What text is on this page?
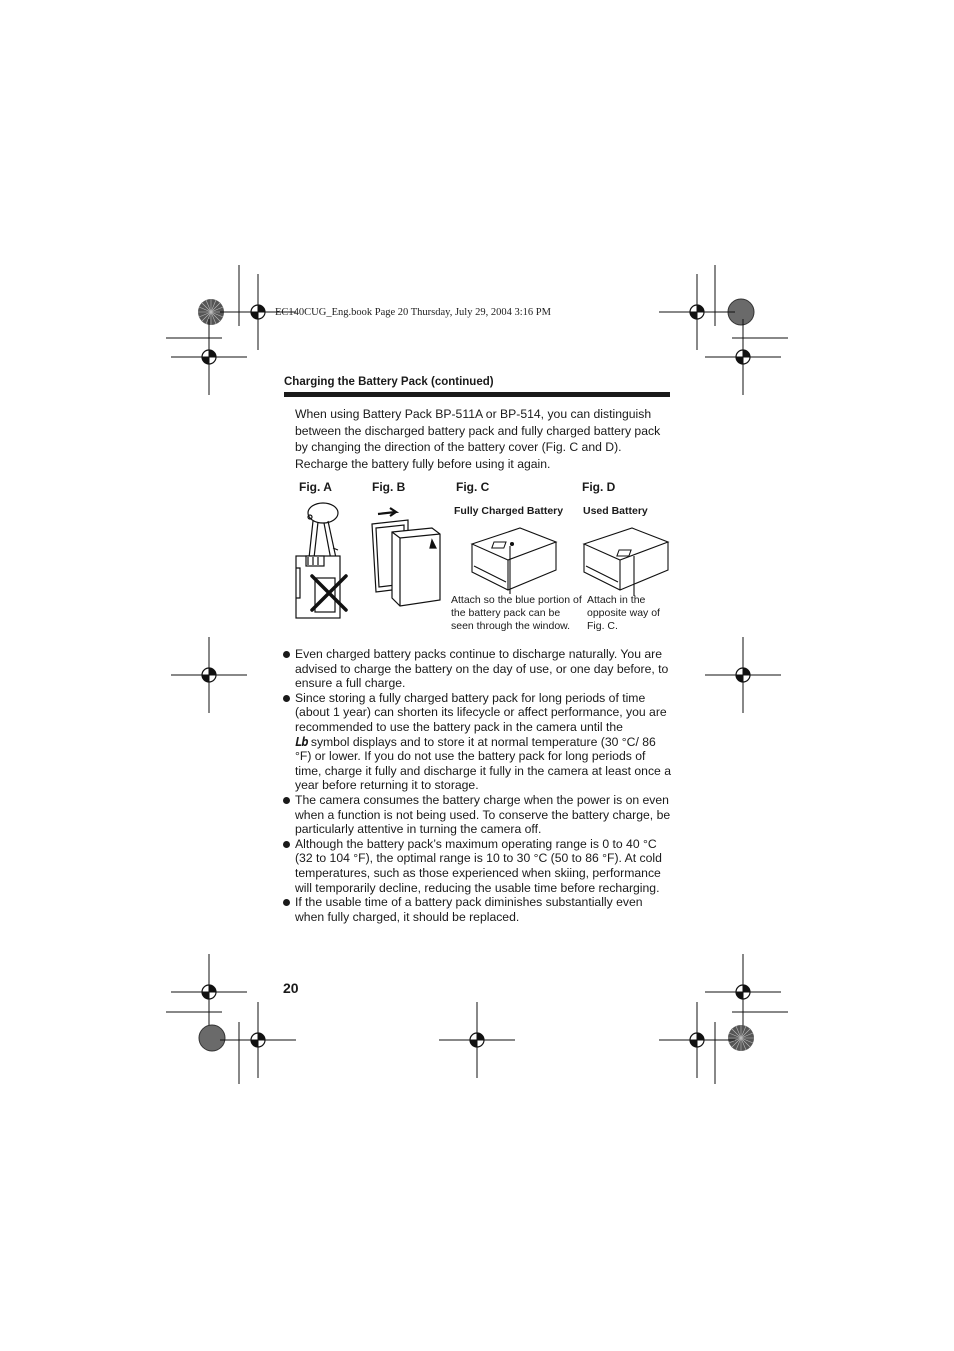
EC140CUG_Eng.book Page 20 Thursday, July 29, 2004 3:16 PM
Charging the Battery Pack (continued)
When using Battery Pack BP-511A or BP-514, you can distinguish between the discharged battery pack and fully charged battery pack by changing the direction of the battery cover (Fig. C and D). Recharge the battery fully before using it again.
Fig. A	Fig. B	Fig. C	Fig. D
Fully Charged Battery Used Battery
Attach so the blue portion of the battery pack can be seen through the window.
Attach in the opposite way of Fig. C.

Even charged battery packs continue to discharge naturally. You are advised to charge the battery on the day of use, or one day before, to ensure a full charge.

Since storing a fully charged battery pack for long periods of time (about 1 year) can shorten its lifecycle or affect performance, you are recommended to use the battery pack in the camera until the
Lb symbol displays and to store it at normal temperature (30 °C/ 86 °F) or lower. If you do not use the battery pack for long periods of time, charge it fully and discharge it fully in the camera at least once a year before returning it to storage.

The camera consumes the battery charge when the power is on even when a function is not being used. To conserve the battery charge, be particularly attentive in turning the camera off.

Although the battery pack’s maximum operating range is 0 to 40 °C (32 to 104 °F), the optimal range is 10 to 30 °C (50 to 86 °F). At cold temperatures, such as those experienced when skiing, performance will temporarily decline, reducing the usable time before recharging.

If the usable time of a battery pack diminishes substantially even when fully charged, it should be replaced.

20
